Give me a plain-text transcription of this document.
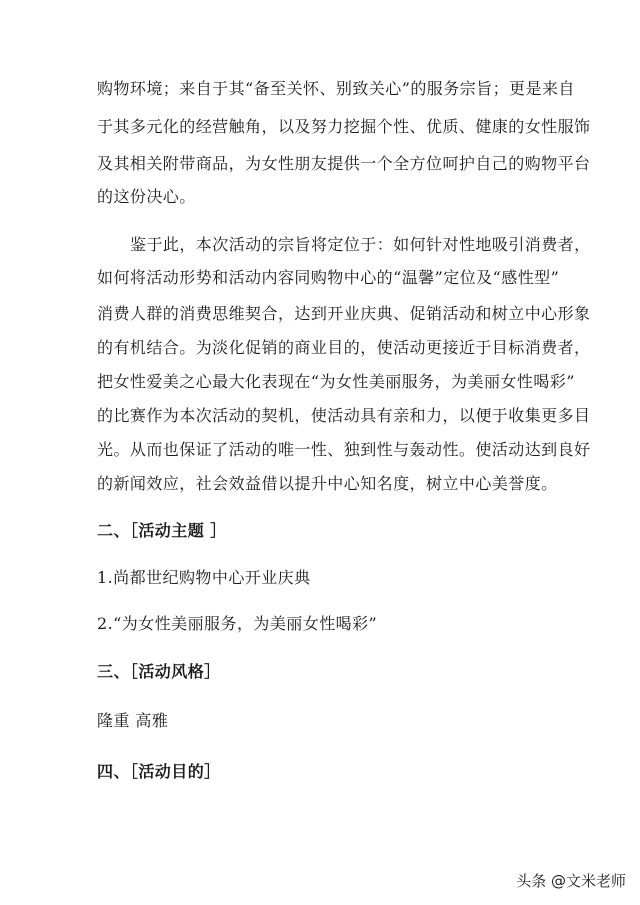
购物环境；来自于其“备至关怀、别致关心”的服务宗旨；更是来自
于其多元化的经营触角，以及努力挖掘个性、优质、健康的女性服饰
及其相关附带商品，为女性朋友提供一个全方位呵护自己的购物平台
的这份决心。
鉴于此，本次活动的宗旨将定位于：如何针对性地吸引消费者，
如何将活动形势和活动内容同购物中心的“温馨”定位及“感性型”
消费人群的消费思维契合，达到开业庆典、促销活动和树立中心形象
的有机结合。为淡化促销的商业目的，使活动更接近于目标消费者，
把女性爱美之心最大化表现在“为女性美丽服务，为美丽女性喝彩”
的比赛作为本次活动的契机，使活动具有亲和力，以便于收集更多目
光。从而也保证了活动的唯一性、独到性与轰动性。使活动达到良好
的新闻效应，社会效益借以提升中心知名度，树立中心美誉度。
二、［活动主题 ］
1.尚都世纪购物中心开业庆典
2.“为女性美丽服务，为美丽女性喝彩”
三、［活动风格］
隆重 高雅
四、［活动目的］
头条 @文米老师
